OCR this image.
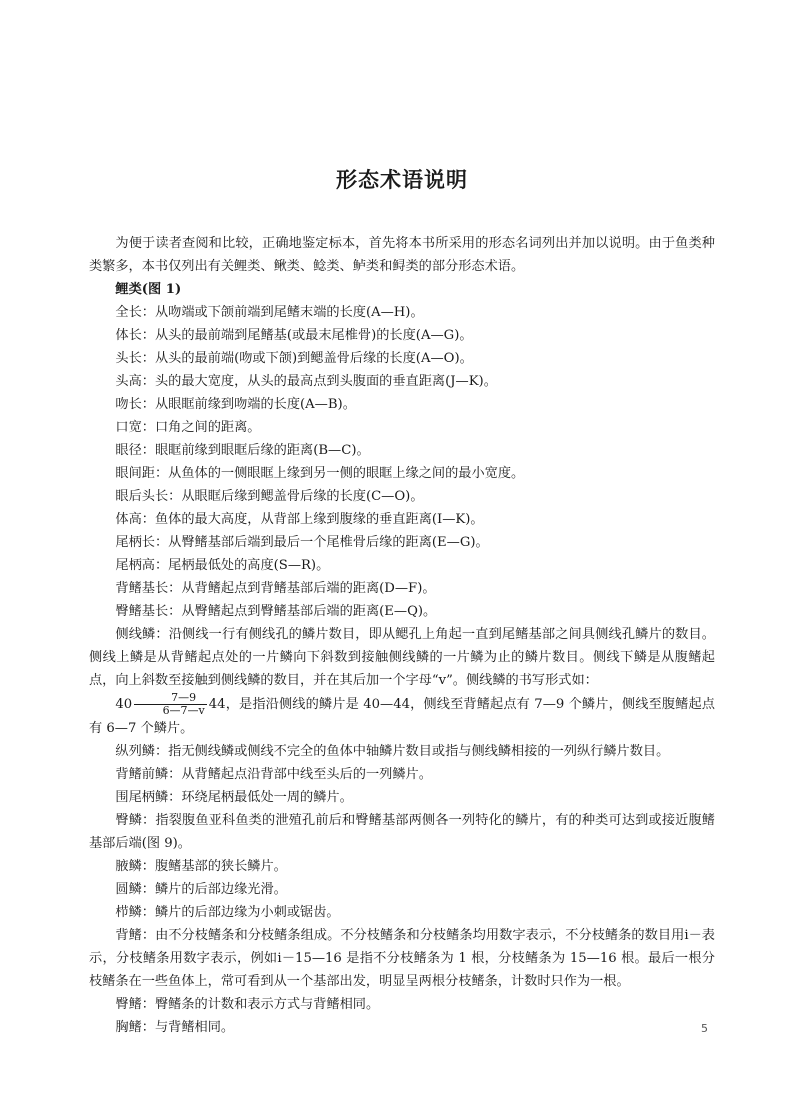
形态术语说明

为便于读者查阅和比较，正确地鉴定标本，首先将本书所采用的形态名词列出并加以说明。由于鱼类种类繁多，本书仅列出有关鲤类、鳅类、鲶类、鲈类和鲟类的部分形态术语。

鲤类(图 1)

全长：从吻端或下颌前端到尾鳍末端的长度(A—H)。

体长：从头的最前端到尾鳍基(或最末尾椎骨)的长度(A—G)。

头长：从头的最前端(吻或下颌)到鳃盖骨后缘的长度(A—O)。

头高：头的最大宽度，从头的最高点到头腹面的垂直距离(J—K)。

吻长：从眼眶前缘到吻端的长度(A—B)。

口宽：口角之间的距离。

眼径：眼眶前缘到眼眶后缘的距离(B—C)。

眼间距：从鱼体的一侧眼眶上缘到另一侧的眼眶上缘之间的最小宽度。

眼后头长：从眼眶后缘到鳃盖骨后缘的长度(C—O)。

体高：鱼体的最大高度，从背部上缘到腹缘的垂直距离(I—K)。

尾柄长：从臀鳍基部后端到最后一个尾椎骨后缘的距离(E—G)。

尾柄高：尾柄最低处的高度(S—R)。

背鳍基长：从背鳍起点到背鳍基部后端的距离(D—F)。

臀鳍基长：从臀鳍起点到臀鳍基部后端的距离(E—Q)。

侧线鳞：沿侧线一行有侧线孔的鳞片数目，即从鳃孔上角起一直到尾鳍基部之间具侧线孔鳞片的数目。侧线上鳞是从背鳍起点处的一片鳞向下斜数到接触侧线鳞的一片鳞为止的鳞片数目。侧线下鳞是从腹鳍起点，向上斜数至接触到侧线鳞的数目，并在其后加一个字母“v”。侧线鳞的书写形式如：

$40 \frac{7—9}{6—7—v} 44$，是指沿侧线的鳞片是 40—44，侧线至背鳍起点有 7—9 个鳞片，侧线至腹鳍起点有 6—7 个鳞片。

纵列鳞：指无侧线鳞或侧线不完全的鱼体中轴鳞片数目或指与侧线鳞相接的一列纵行鳞片数目。

背鳍前鳞：从背鳍起点沿背部中线至头后的一列鳞片。

围尾柄鳞：环绕尾柄最低处一周的鳞片。

臀鳞：指裂腹鱼亚科鱼类的泄殖孔前后和臀鳍基部两侧各一列特化的鳞片，有的种类可达到或接近腹鳍基部后端(图 9)。

腋鳞：腹鳍基部的狭长鳞片。

圆鳞：鳞片的后部边缘光滑。

栉鳞：鳞片的后部边缘为小刺或锯齿。

背鳍：由不分枝鳍条和分枝鳍条组成。不分枝鳍条和分枝鳍条均用数字表示，不分枝鳍条的数目用ⅰ－表示，分枝鳍条用数字表示，例如ⅰ－15—16 是指不分枝鳍条为 1 根，分枝鳍条为 15—16 根。最后一根分枝鳍条在一些鱼体上，常可看到从一个基部出发，明显呈两根分枝鳍条，计数时只作为一根。

臀鳍：臀鳍条的计数和表示方式与背鳍相同。

胸鳍：与背鳍相同。	5
